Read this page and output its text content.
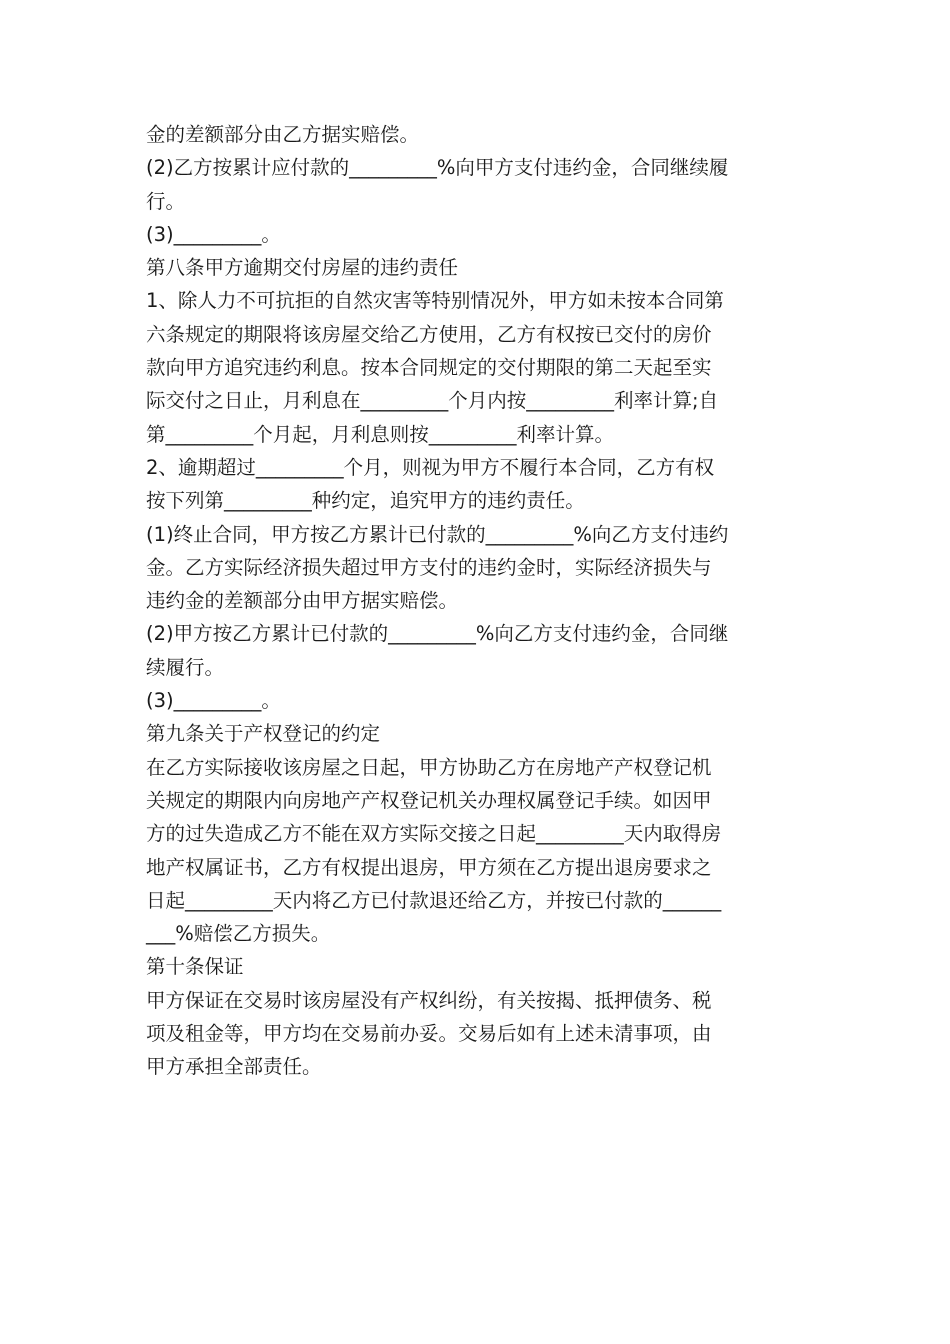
金的差额部分由乙方据实赔偿。
(2)乙方按累计应付款的_________%向甲方支付违约金，合同继续履
行。
(3)_________。
第八条甲方逾期交付房屋的违约责任
1、除人力不可抗拒的自然灾害等特别情况外，甲方如未按本合同第
六条规定的期限将该房屋交给乙方使用，乙方有权按已交付的房价
款向甲方追究违约利息。按本合同规定的交付期限的第二天起至实
际交付之日止，月利息在_________个月内按_________利率计算;自
第_________个月起，月利息则按_________利率计算。
2、逾期超过_________个月，则视为甲方不履行本合同，乙方有权
按下列第_________种约定，追究甲方的违约责任。
(1)终止合同，甲方按乙方累计已付款的_________%向乙方支付违约
金。乙方实际经济损失超过甲方支付的违约金时，实际经济损失与
违约金的差额部分由甲方据实赔偿。
(2)甲方按乙方累计已付款的_________%向乙方支付违约金，合同继
续履行。
(3)_________。
第九条关于产权登记的约定
在乙方实际接收该房屋之日起，甲方协助乙方在房地产产权登记机
关规定的期限内向房地产产权登记机关办理权属登记手续。如因甲
方的过失造成乙方不能在双方实际交接之日起_________天内取得房
地产权属证书，乙方有权提出退房，甲方须在乙方提出退房要求之
日起_________天内将乙方已付款退还给乙方，并按已付款的______
___%赔偿乙方损失。
第十条保证
甲方保证在交易时该房屋没有产权纠纷，有关按揭、抵押债务、税
项及租金等，甲方均在交易前办妥。交易后如有上述未清事项，由
甲方承担全部责任。
